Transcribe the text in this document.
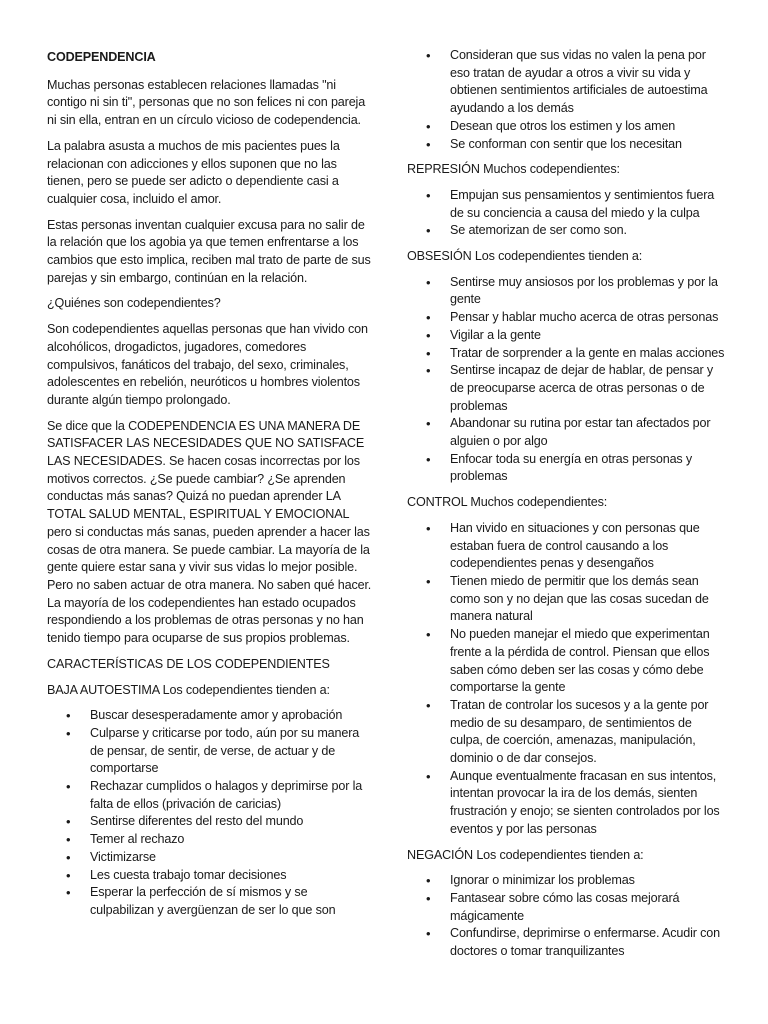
CODEPENDENCIA

Muchas personas establecen relaciones llamadas "ni contigo ni sin ti", personas que no son felices ni con pareja ni sin ella, entran en un círculo vicioso de codependencia.

La palabra asusta a muchos de mis pacientes pues la relacionan con adicciones y ellos suponen que no las tienen, pero se puede ser adicto o dependiente casi a cualquier cosa, incluido el amor.

Estas personas inventan cualquier excusa para no salir de la relación que los agobia ya que temen enfrentarse a los cambios que esto implica, reciben mal trato de parte de sus parejas y sin embargo, continúan en la relación.

¿Quiénes son codependientes?

Son codependientes aquellas personas que han vivido con alcohólicos, drogadictos, jugadores, comedores compulsivos, fanáticos del trabajo, del sexo, criminales, adolescentes en rebelión, neuróticos u hombres violentos durante algún tiempo prolongado.

Se dice que la CODEPENDENCIA ES UNA MANERA DE SATISFACER LAS NECESIDADES QUE NO SATISFACE LAS NECESIDADES. Se hacen cosas incorrectas por los motivos correctos. ¿Se puede cambiar? ¿Se aprenden conductas más sanas? Quizá no puedan aprender LA TOTAL SALUD MENTAL, ESPIRITUAL Y EMOCIONAL pero si conductas más sanas, pueden aprender a hacer las cosas de otra manera. Se puede cambiar. La mayoría de la gente quiere estar sana y vivir sus vidas lo mejor posible. Pero no saben actuar de otra manera. No saben qué hacer. La mayoría de los codependientes han estado ocupados respondiendo a los problemas de otras personas y no han tenido tiempo para ocuparse de sus propios problemas.

CARACTERÍSTICAS DE LOS CODEPENDIENTES

BAJA AUTOESTIMA Los codependientes tienden a:

• Buscar desesperadamente amor y aprobación
• Culparse y criticarse por todo, aún por su manera de pensar, de sentir, de verse, de actuar y de comportarse
• Rechazar cumplidos o halagos y deprimirse por la falta de ellos (privación de caricias)
• Sentirse diferentes del resto del mundo
• Temer al rechazo
• Victimizarse
• Les cuesta trabajo tomar decisiones
• Esperar la perfección de sí mismos y se culpabilizan y avergüenzan de ser lo que son
• Consideran que sus vidas no valen la pena por eso tratan de ayudar a otros a vivir su vida y obtienen sentimientos artificiales de autoestima ayudando a los demás
• Desean que otros los estimen y los amen
• Se conforman con sentir que los necesitan

REPRESIÓN Muchos codependientes:

• Empujan sus pensamientos y sentimientos fuera de su conciencia a causa del miedo y la culpa
• Se atemorizan de ser como son.

OBSESIÓN Los codependientes tienden a:

• Sentirse muy ansiosos por los problemas y por la gente
• Pensar y hablar mucho acerca de otras personas
• Vigilar a la gente
• Tratar de sorprender a la gente en malas acciones
• Sentirse incapaz de dejar de hablar, de pensar y de preocuparse acerca de otras personas o de problemas
• Abandonar su rutina por estar tan afectados por alguien o por algo
• Enfocar toda su energía en otras personas y problemas

CONTROL Muchos codependientes:

• Han vivido en situaciones y con personas que estaban fuera de control causando a los codependientes penas y desengaños
• Tienen miedo de permitir que los demás sean como son y no dejan que las cosas sucedan de manera natural
• No pueden manejar el miedo que experimentan frente a la pérdida de control. Piensan que ellos saben cómo deben ser las cosas y cómo debe comportarse la gente
• Tratan de controlar los sucesos y a la gente por medio de su desamparo, de sentimientos de culpa, de coerción, amenazas, manipulación, dominio o de dar consejos.
• Aunque eventualmente fracasan en sus intentos, intentan provocar la ira de los demás, sienten frustración y enojo; se sienten controlados por los eventos y por las personas

NEGACIÓN Los codependientes tienden a:

• Ignorar o minimizar los problemas
• Fantasear sobre cómo las cosas mejorará mágicamente
• Confundirse, deprimirse o enfermarse. Acudir con doctores o tomar tranquilizantes
